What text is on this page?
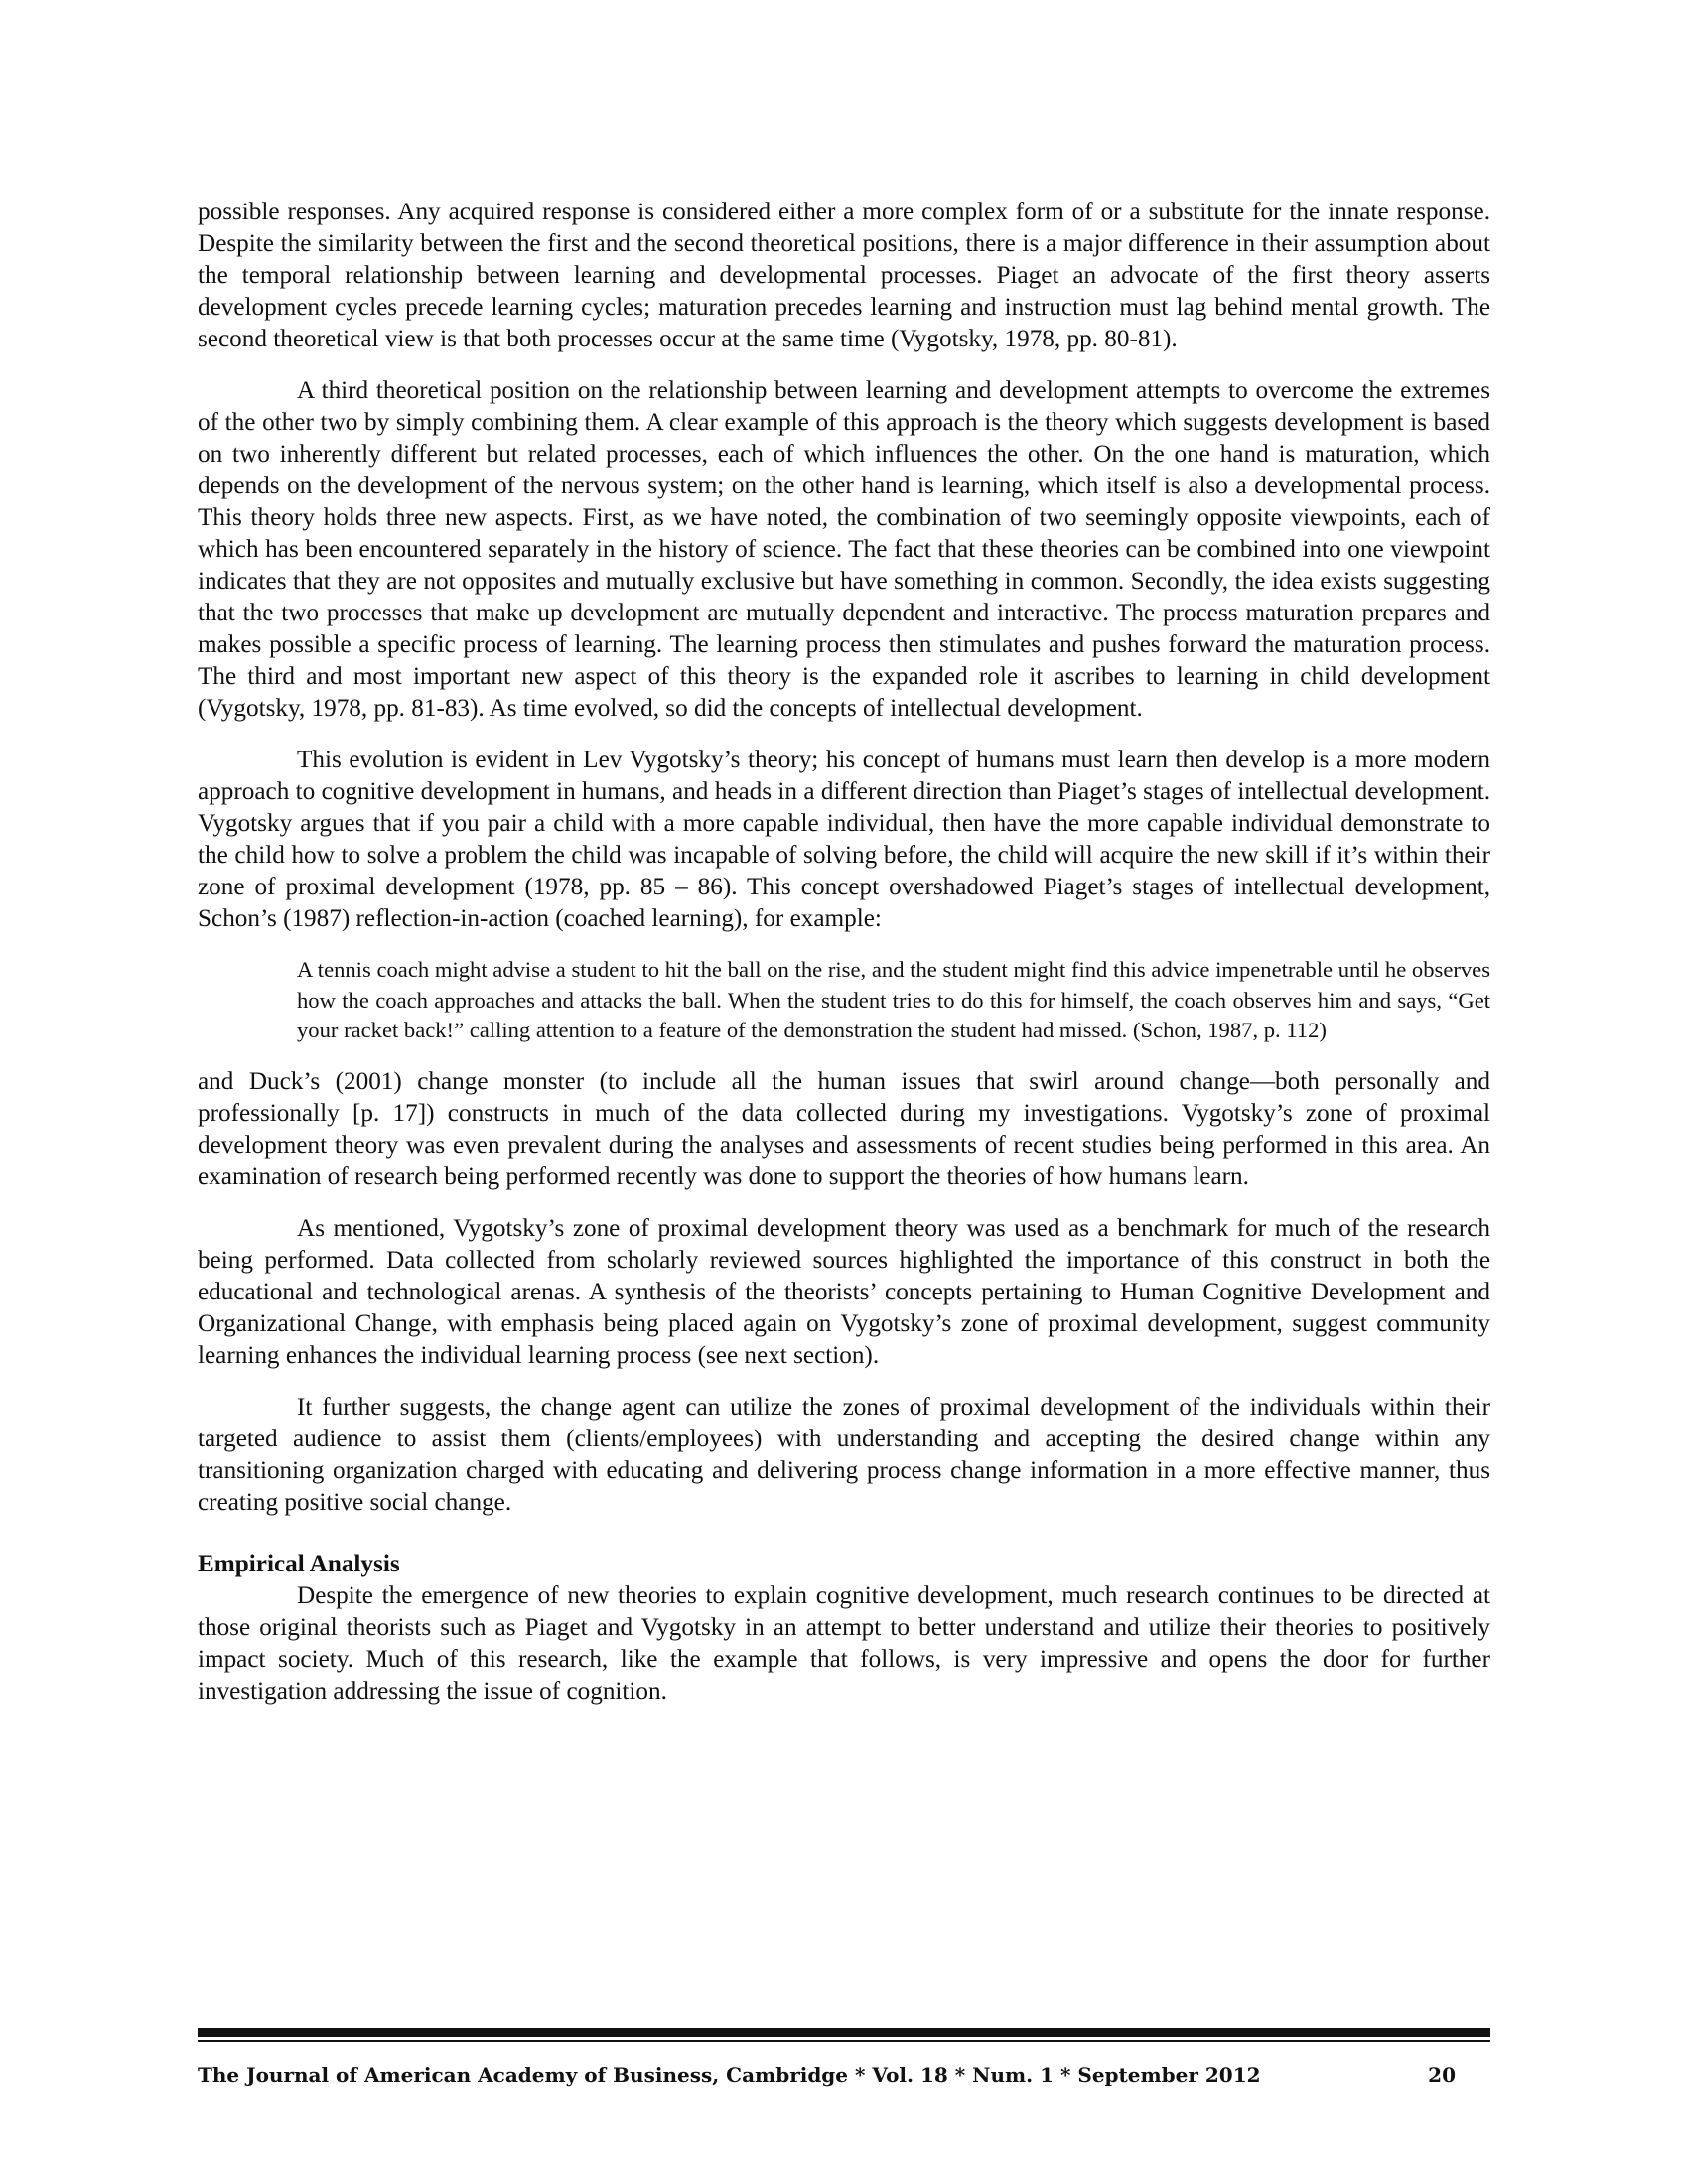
possible responses. Any acquired response is considered either a more complex form of or a substitute for the innate response. Despite the similarity between the first and the second theoretical positions, there is a major difference in their assumption about the temporal relationship between learning and developmental processes. Piaget an advocate of the first theory asserts development cycles precede learning cycles; maturation precedes learning and instruction must lag behind mental growth. The second theoretical view is that both processes occur at the same time (Vygotsky, 1978, pp. 80-81).

A third theoretical position on the relationship between learning and development attempts to overcome the extremes of the other two by simply combining them. A clear example of this approach is the theory which suggests development is based on two inherently different but related processes, each of which influences the other. On the one hand is maturation, which depends on the development of the nervous system; on the other hand is learning, which itself is also a developmental process. This theory holds three new aspects. First, as we have noted, the combination of two seemingly opposite viewpoints, each of which has been encountered separately in the history of science. The fact that these theories can be combined into one viewpoint indicates that they are not opposites and mutually exclusive but have something in common. Secondly, the idea exists suggesting that the two processes that make up development are mutually dependent and interactive. The process maturation prepares and makes possible a specific process of learning. The learning process then stimulates and pushes forward the maturation process. The third and most important new aspect of this theory is the expanded role it ascribes to learning in child development (Vygotsky, 1978, pp. 81-83). As time evolved, so did the concepts of intellectual development.

This evolution is evident in Lev Vygotsky’s theory; his concept of humans must learn then develop is a more modern approach to cognitive development in humans, and heads in a different direction than Piaget’s stages of intellectual development. Vygotsky argues that if you pair a child with a more capable individual, then have the more capable individual demonstrate to the child how to solve a problem the child was incapable of solving before, the child will acquire the new skill if it’s within their zone of proximal development (1978, pp. 85 – 86). This concept overshadowed Piaget’s stages of intellectual development, Schon’s (1987) reflection-in-action (coached learning), for example:

A tennis coach might advise a student to hit the ball on the rise, and the student might find this advice impenetrable until he observes how the coach approaches and attacks the ball. When the student tries to do this for himself, the coach observes him and says, “Get your racket back!” calling attention to a feature of the demonstration the student had missed. (Schon, 1987, p. 112)

and Duck’s (2001) change monster (to include all the human issues that swirl around change—both personally and professionally [p. 17]) constructs in much of the data collected during my investigations. Vygotsky’s zone of proximal development theory was even prevalent during the analyses and assessments of recent studies being performed in this area. An examination of research being performed recently was done to support the theories of how humans learn.

As mentioned, Vygotsky’s zone of proximal development theory was used as a benchmark for much of the research being performed. Data collected from scholarly reviewed sources highlighted the importance of this construct in both the educational and technological arenas. A synthesis of the theorists’ concepts pertaining to Human Cognitive Development and Organizational Change, with emphasis being placed again on Vygotsky’s zone of proximal development, suggest community learning enhances the individual learning process (see next section).

It further suggests, the change agent can utilize the zones of proximal development of the individuals within their targeted audience to assist them (clients/employees) with understanding and accepting the desired change within any transitioning organization charged with educating and delivering process change information in a more effective manner, thus creating positive social change.

Empirical Analysis

Despite the emergence of new theories to explain cognitive development, much research continues to be directed at those original theorists such as Piaget and Vygotsky in an attempt to better understand and utilize their theories to positively impact society. Much of this research, like the example that follows, is very impressive and opens the door for further investigation addressing the issue of cognition.

The Journal of American Academy of Business, Cambridge * Vol. 18 * Num. 1 * September 2012	20
